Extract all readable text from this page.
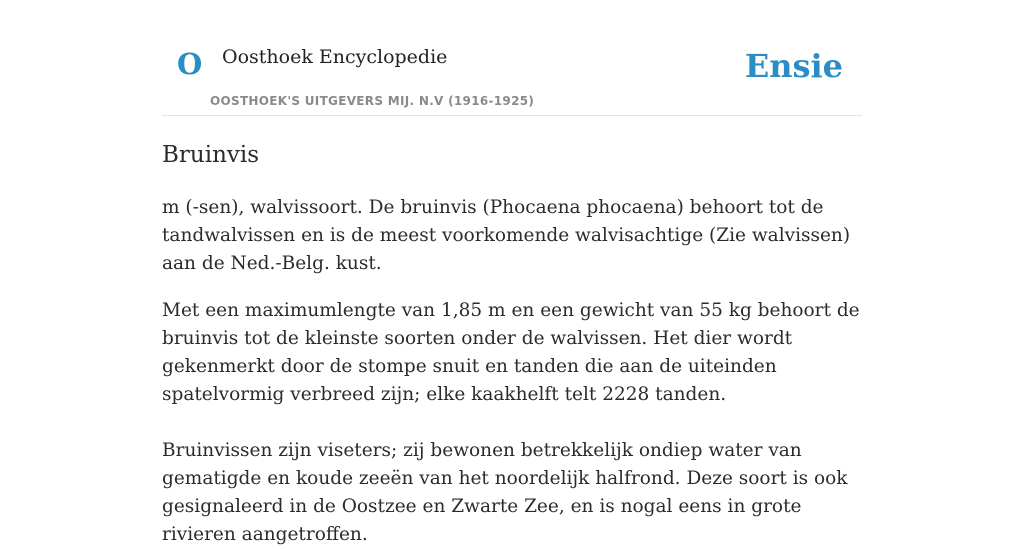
O Oosthoek Encyclopedie
OOSTHOEK'S UITGEVERS MIJ. N.V (1916-1925)
Ensie
Bruinvis

m (-sen), walvissoort. De bruinvis (Phocaena phocaena) behoort tot de tandwalvissen en is de meest voorkomende walvisachtige (Zie walvissen) aan de Ned.-Belg. kust.

Met een maximumlengte van 1,85 m en een gewicht van 55 kg behoort de bruinvis tot de kleinste soorten onder de walvissen. Het dier wordt gekenmerkt door de stompe snuit en tanden die aan de uiteinden spatelvormig verbreed zijn; elke kaakhelft telt 2228 tanden.

Bruinvissen zijn viseters; zij bewonen betrekkelijk ondiep water van gematigde en koude zeeën van het noordelijk halfrond. Deze soort is ook gesignaleerd in de Oostzee en Zwarte Zee, en is nogal eens in grote rivieren aangetroffen.
